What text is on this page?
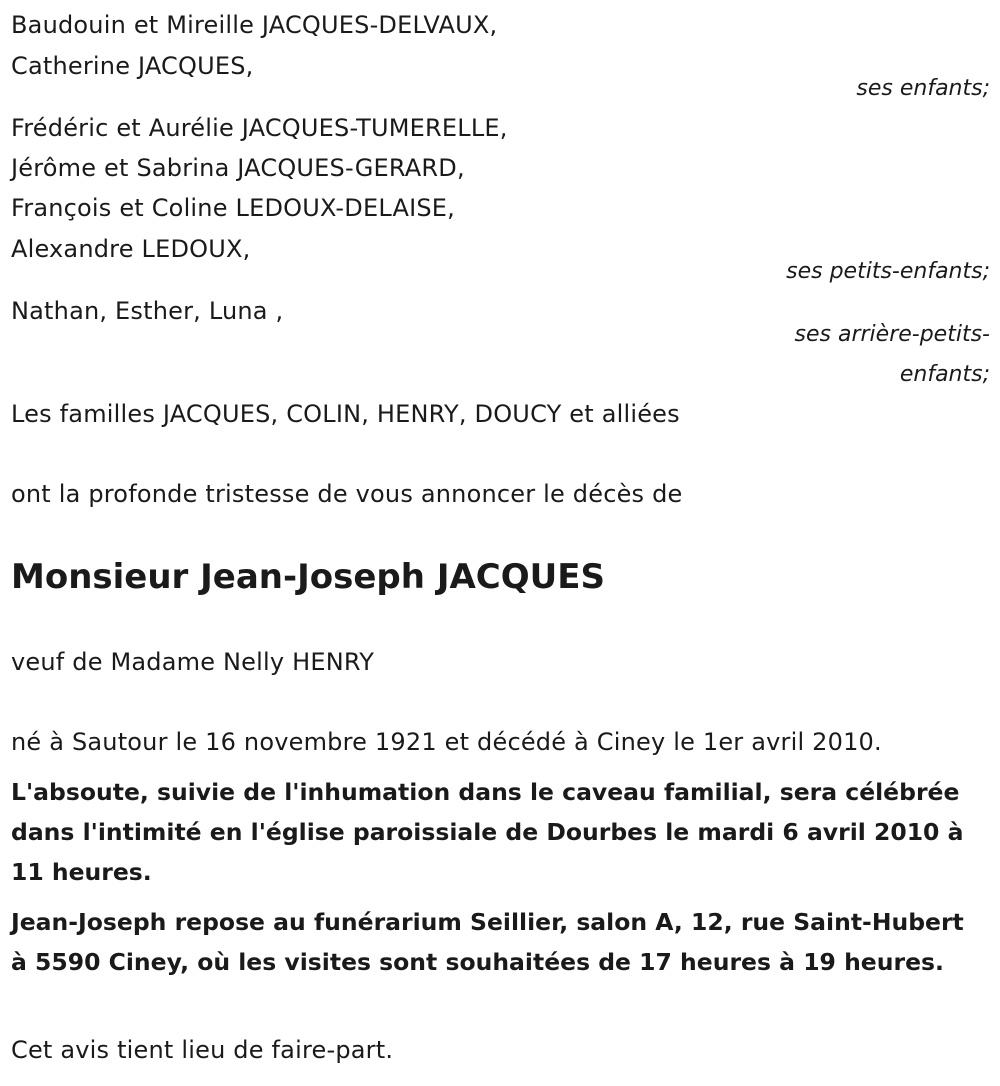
Baudouin et Mireille JACQUES-DELVAUX,
Catherine JACQUES,
ses enfants;
Frédéric et Aurélie JACQUES-TUMERELLE,
Jérôme et Sabrina JACQUES-GERARD,
François et Coline LEDOUX-DELAISE,
Alexandre LEDOUX,
ses petits-enfants;
Nathan, Esther, Luna ,
ses arrière-petits-
enfants;
Les familles JACQUES, COLIN, HENRY, DOUCY et alliées
ont la profonde tristesse de vous annoncer le décès de
Monsieur Jean-Joseph JACQUES
veuf de Madame Nelly HENRY
né à Sautour le 16 novembre 1921 et décédé à Ciney le 1er avril 2010.
L'absoute, suivie de l'inhumation dans le caveau familial, sera célébrée dans l'intimité en l'église paroissiale de Dourbes le mardi 6 avril 2010 à 11 heures.
Jean-Joseph repose au funérarium Seillier, salon A, 12, rue Saint-Hubert à 5590 Ciney, où les visites sont souhaitées de 17 heures à 19 heures.
Cet avis tient lieu de faire-part.
